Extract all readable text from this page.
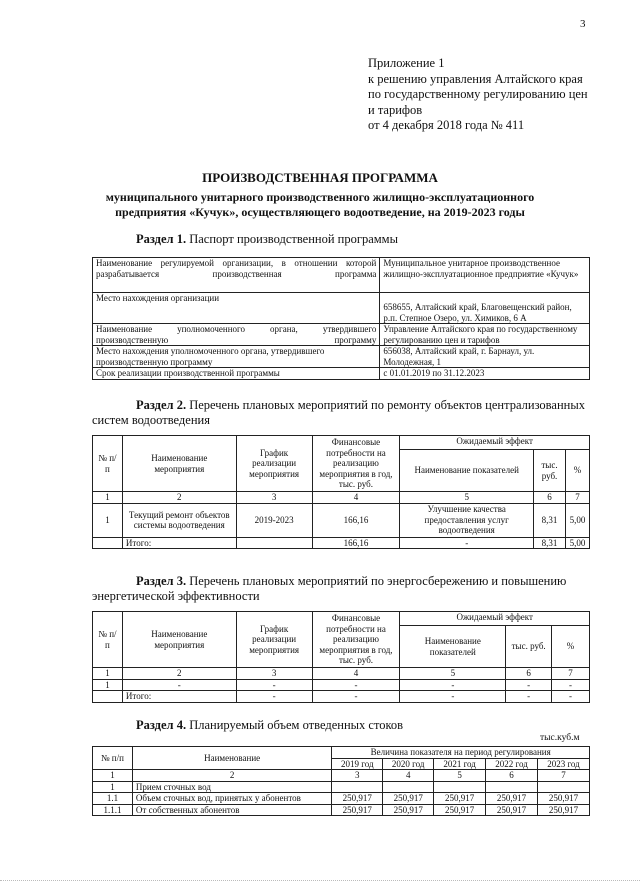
3
Приложение 1
к решению управления Алтайского края
по государственному регулированию цен
и тарифов
от 4 декабря 2018 года № 411
ПРОИЗВОДСТВЕННАЯ ПРОГРАММА
муниципального унитарного производственного жилищно-эксплуатационного
предприятия «Кучук», осуществляющего водоотведение, на 2019-2023 годы
Раздел 1. Паспорт производственной программы
Наименование регулируемой организации, в отношении которой разрабатывается производственная программа	Муниципальное унитарное производственное жилищно-эксплуатационное предприятие «Кучук»
Место нахождения организации	658655, Алтайский край, Благовещенский район, р.п. Степное Озеро, ул. Химиков, 6 А
Наименование уполномоченного органа, утвердившего производственную программу	Управление Алтайского края по государственному регулированию цен и тарифов
Место нахождения уполномоченного органа, утвердившего производственную программу	656038, Алтайский край, г. Барнаул, ул. Молодежная, 1
Срок реализации производственной программы	с 01.01.2019 по 31.12.2023
Раздел 2. Перечень плановых мероприятий по ремонту объектов централизованных
систем водоотведения
№ п/п	Наименование мероприятия	График реализации мероприятия	Финансовые потребности на реализацию мероприятия в год, тыс. руб.	Ожидаемый эффект		
				Наименование показателей	тыс. руб.	%
1	2	3	4	5	6	7
1	Текущий ремонт объектов системы водоотведения	2019-2023	166,16	Улучшение качества предоставления услуг водоотведения	8,31	5,00
	Итого:		166,16	-	8,31	5,00
Раздел 3. Перечень плановых мероприятий по энергосбережению и повышению
энергетической эффективности
№ п/п	Наименование мероприятия	График реализации мероприятия	Финансовые потребности на реализацию мероприятия в год, тыс. руб.	Ожидаемый эффект		
				Наименование показателей	тыс. руб.	%
1	2	3	4	5	6	7
1	-	-	-	-	-	-
	Итого:	-	-	-	-	-
Раздел 4. Планируемый объем отведенных стоков
тыс.куб.м
№ п/п	Наименование	Величина показателя на период регулирования				
		2019 год	2020 год	2021 год	2022 год	2023 год
1	2	3	4	5	6	7
1	Прием сточных вод					
1.1	Объем сточных вод, принятых у абонентов	250,917	250,917	250,917	250,917	250,917
1.1.1	От собственных абонентов	250,917	250,917	250,917	250,917	250,917
